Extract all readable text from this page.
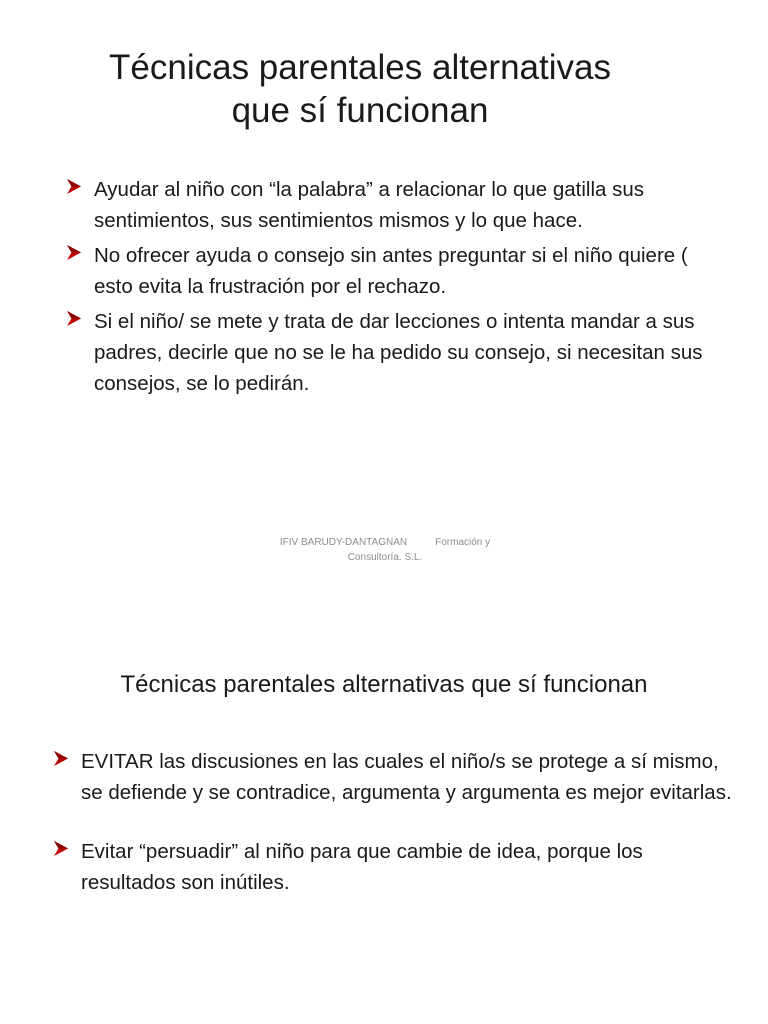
Técnicas parentales alternativas
que sí funcionan
Ayudar al niño con “la palabra” a relacionar lo que gatilla sus sentimientos, sus sentimientos mismos y lo que hace.
No ofrecer ayuda o consejo sin antes preguntar si el niño quiere ( esto evita la frustración por el rechazo.
Si el niño/ se mete y trata de dar lecciones o intenta mandar a sus padres, decirle que no se le ha pedido su consejo, si necesitan sus consejos, se lo pedirán.
IFIV BARUDY-DANTAGNAN	Formación y
Consultoría. S.L.
Técnicas parentales alternativas que sí funcionan
EVITAR las discusiones en las cuales el niño/s se protege a sí mismo, se defiende y se contradice, argumenta y argumenta es mejor evitarlas.
Evitar “persuadir” al niño para que cambie de idea, porque los resultados son inútiles.
